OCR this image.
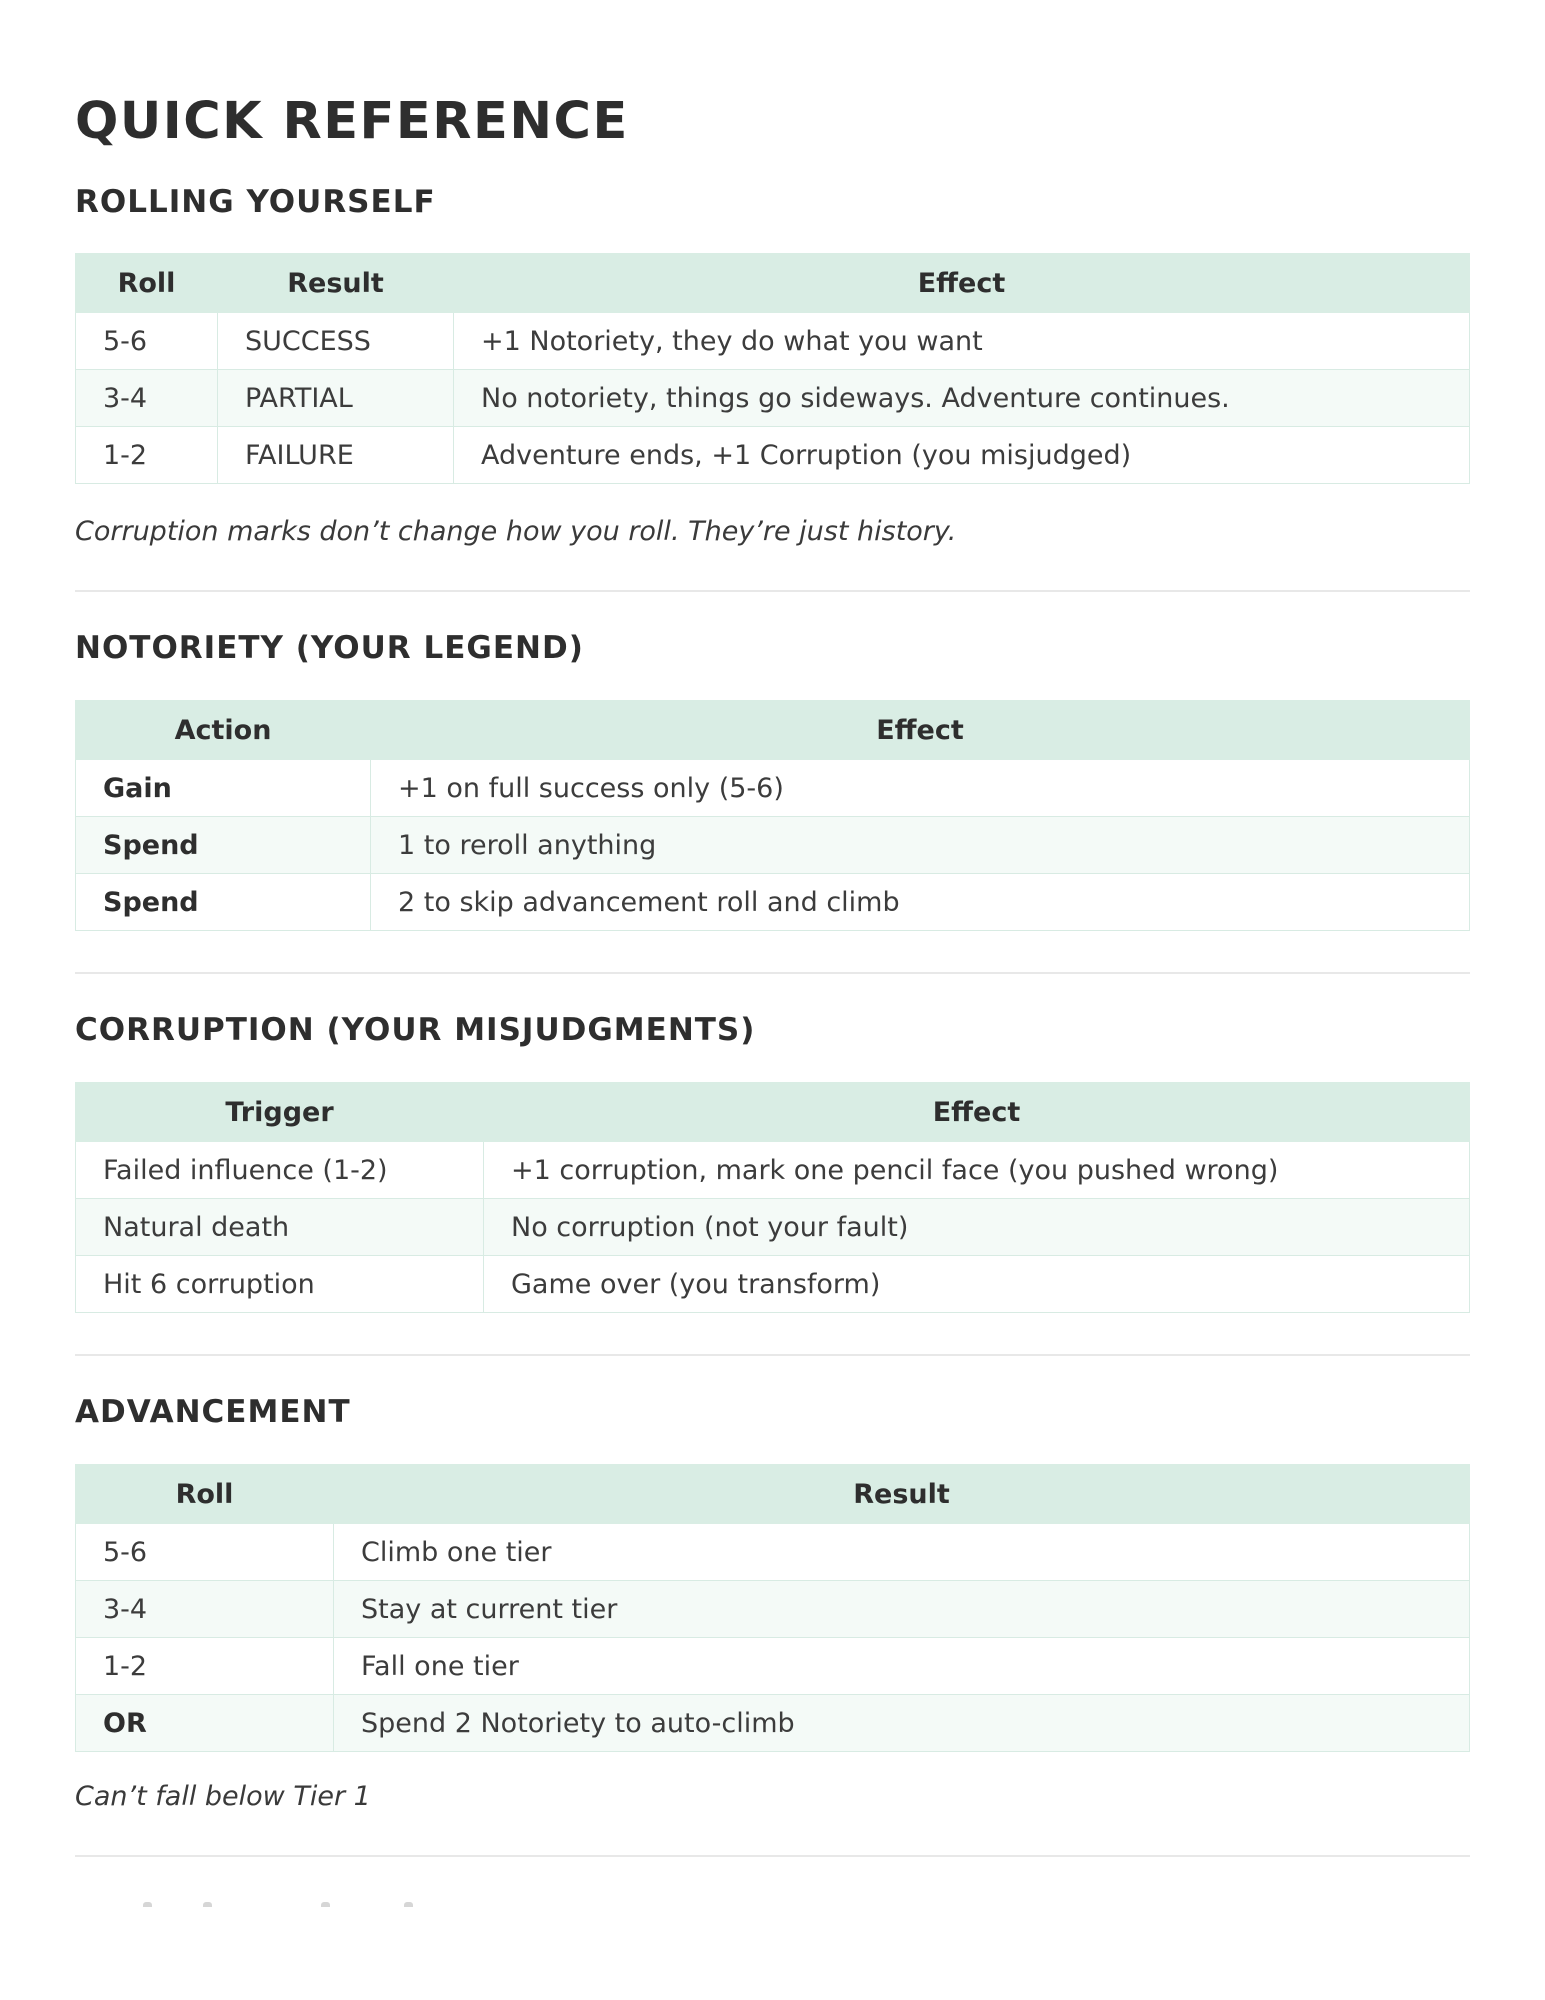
QUICK REFERENCE
ROLLING YOURSELF
Roll	Result	Effect
5-6	SUCCESS	+1 Notoriety, they do what you want
3-4	PARTIAL	No notoriety, things go sideways. Adventure continues.
1-2	FAILURE	Adventure ends, +1 Corruption (you misjudged)

Corruption marks don’t change how you roll. They’re just history.

NOTORIETY (YOUR LEGEND)
Action	Effect
Gain	+1 on full success only (5-6)
Spend	1 to reroll anything
Spend	2 to skip advancement roll and climb
CORRUPTION (YOUR MISJUDGMENTS)
Trigger	Effect
Failed influence (1-2)	+1 corruption, mark one pencil face (you pushed wrong)
Natural death	No corruption (not your fault)
Hit 6 corruption	Game over (you transform)
ADVANCEMENT
Roll	Result
5-6	Climb one tier
3-4	Stay at current tier
1-2	Fall one tier
OR	Spend 2 Notoriety to auto-climb

Can’t fall below Tier 1
